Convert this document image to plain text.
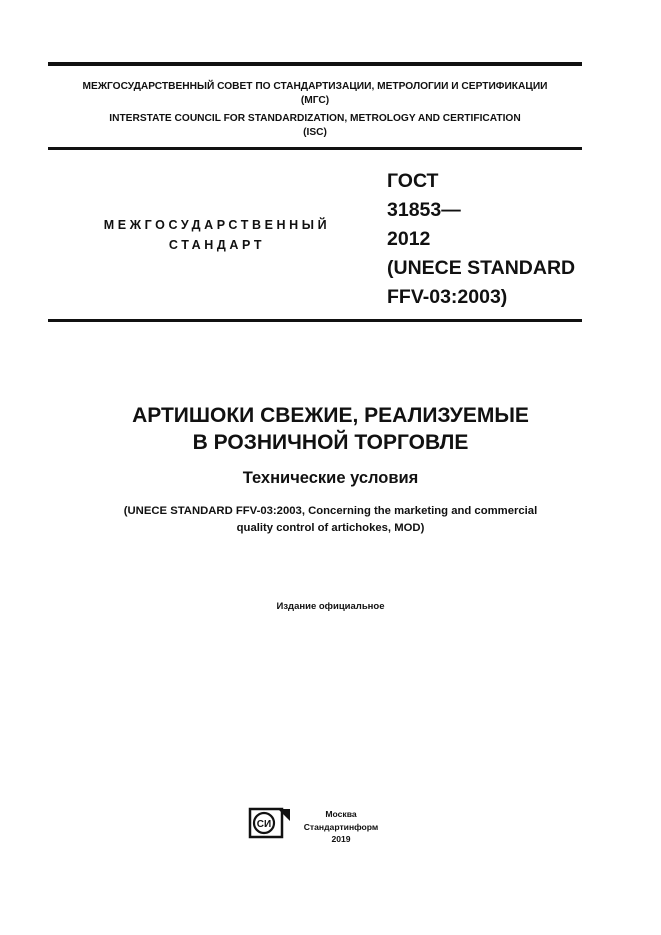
МЕЖГОСУДАРСТВЕННЫЙ СОВЕТ ПО СТАНДАРТИЗАЦИИ, МЕТРОЛОГИИ И СЕРТИФИКАЦИИ
(МГС)
INTERSTATE COUNCIL FOR STANDARDIZATION, METROLOGY AND CERTIFICATION
(ISC)
МЕЖГОСУДАРСТВЕННЫЙ
СТАНДАРТ
ГОСТ
31853—
2012
(UNECE STANDARD
FFV-03:2003)
АРТИШОКИ СВЕЖИЕ, РЕАЛИЗУЕМЫЕ
В РОЗНИЧНОЙ ТОРГОВЛЕ
Технические условия
(UNECE STANDARD FFV-03:2003, Concerning the marketing and commercial
quality control of artichokes, MOD)
Издание официальное
СИ
Москва
Стандартинформ
2019
